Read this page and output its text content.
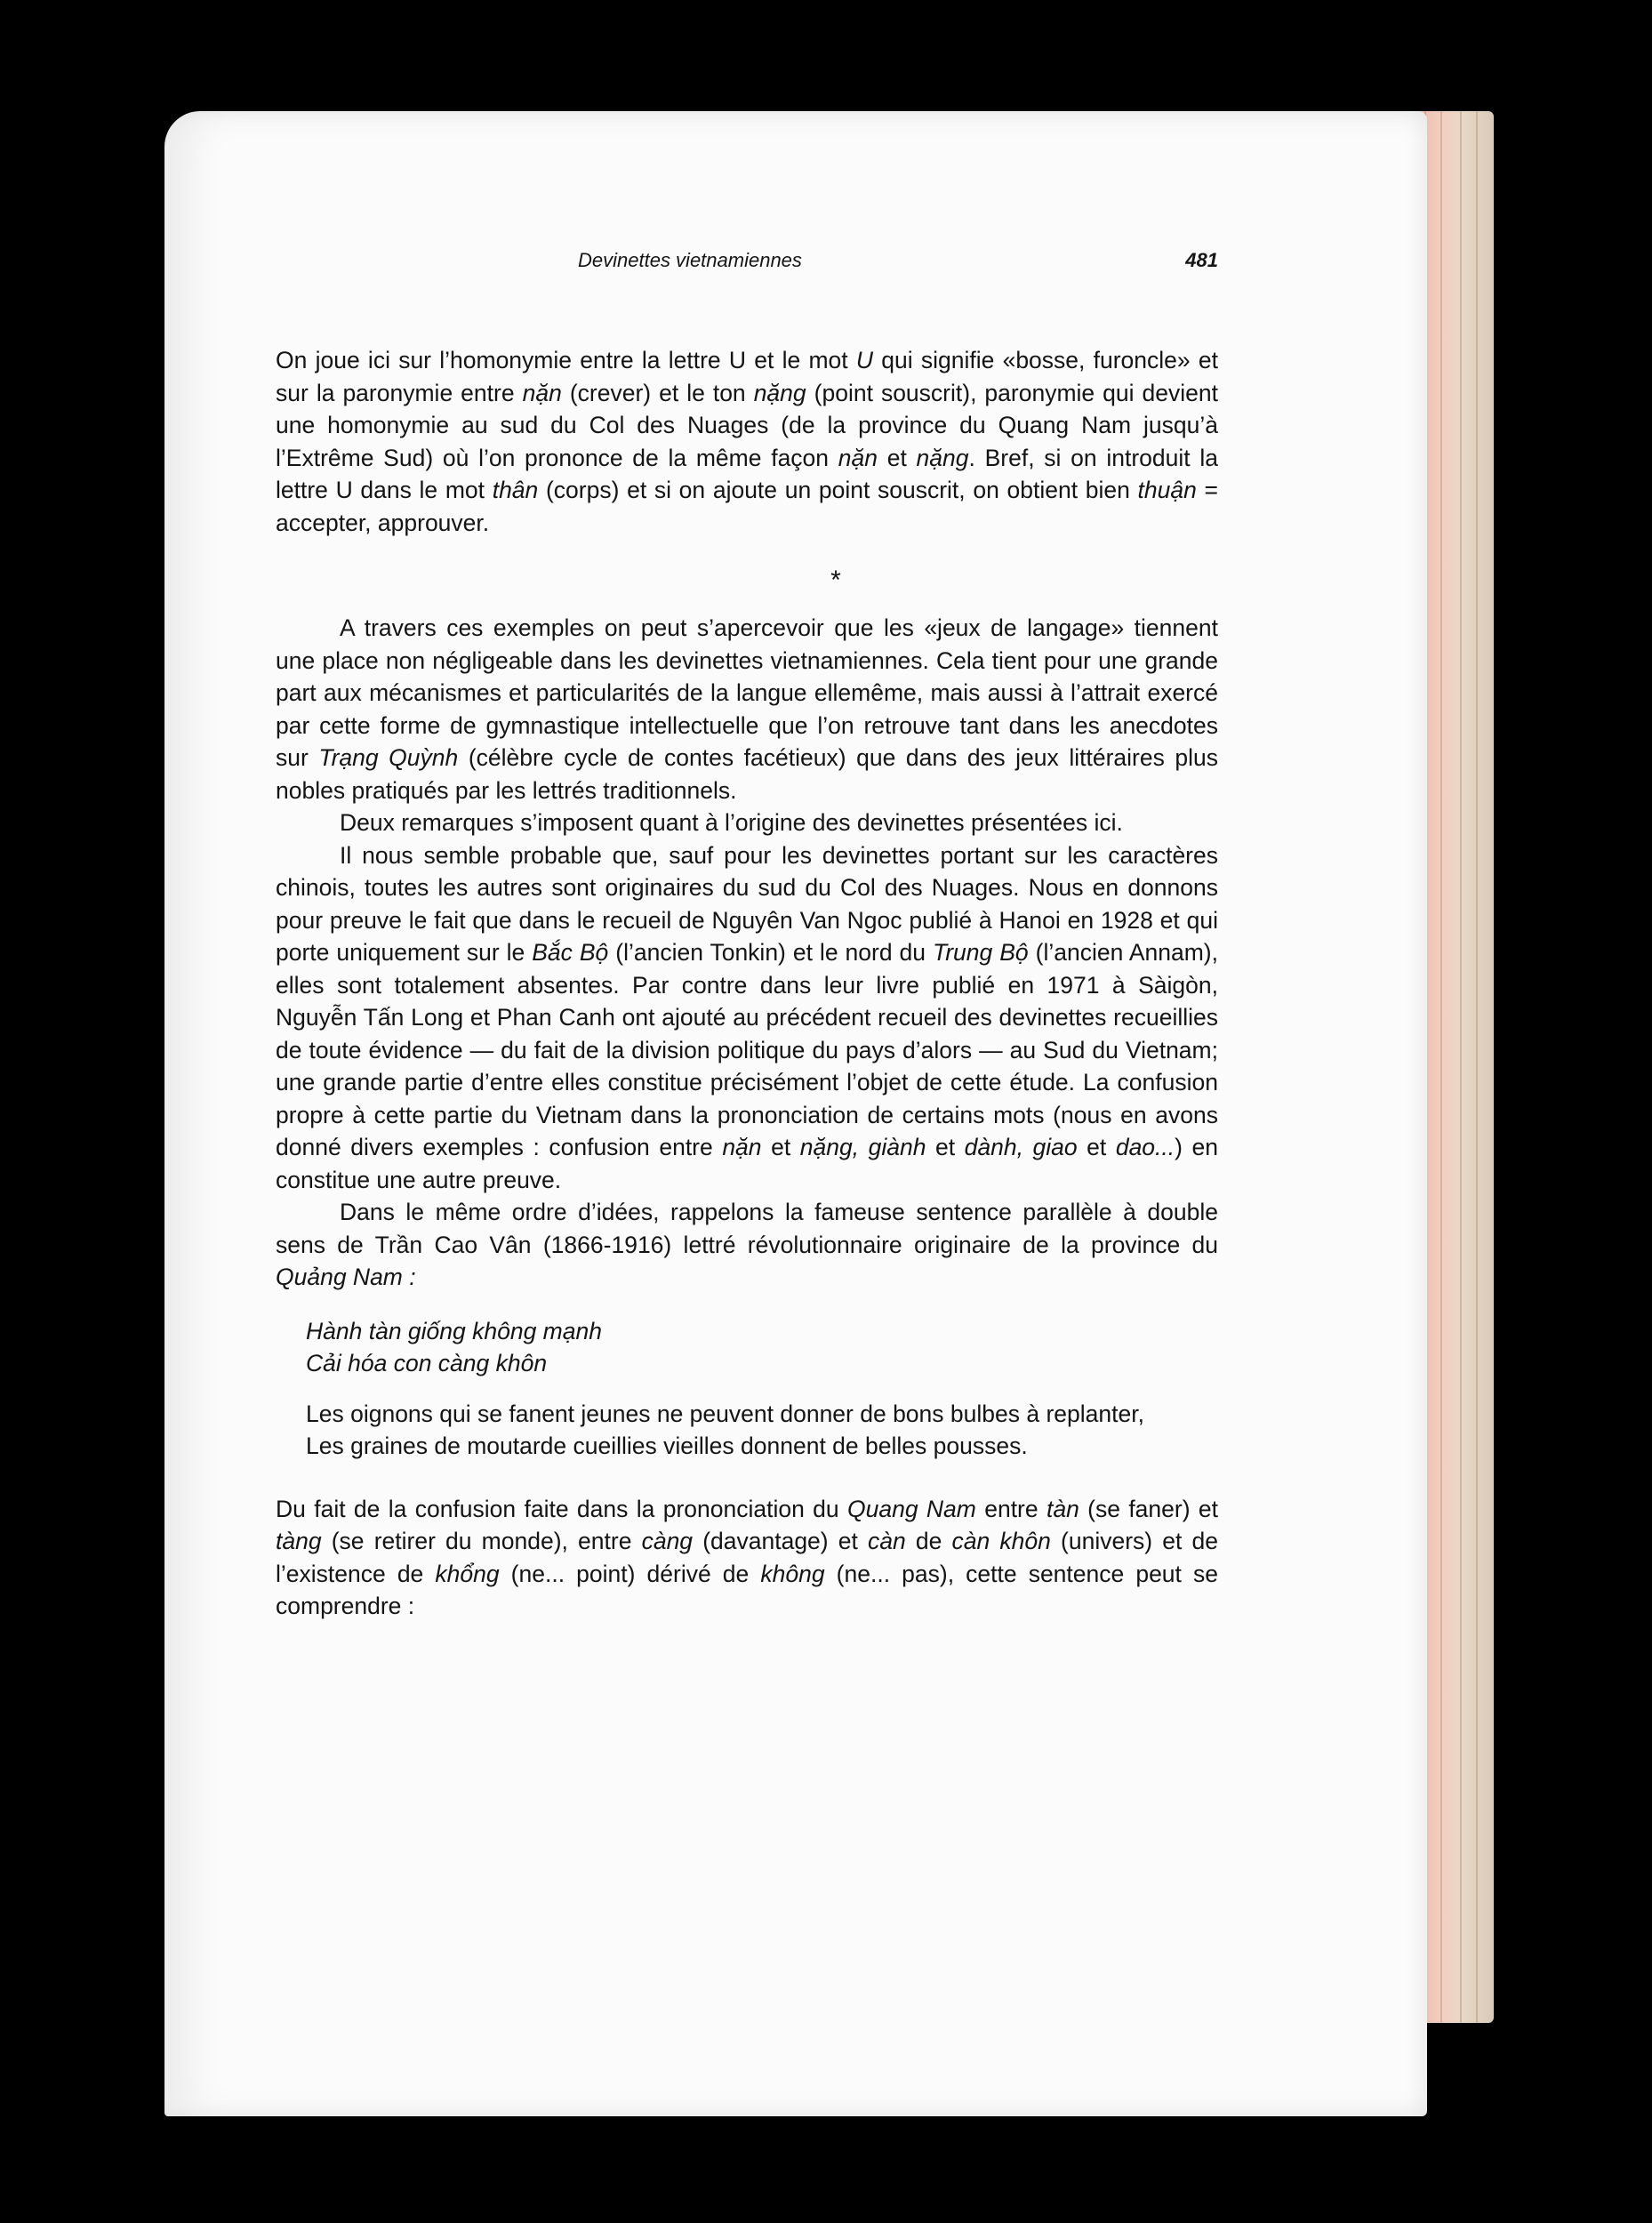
Devinettes vietnamiennes	481

On joue ici sur l’homonymie entre la lettre U et le mot U qui signifie «bosse, furoncle» et sur la paronymie entre nặn (crever) et le ton nặng (point souscrit), paronymie qui devient une homonymie au sud du Col des Nuages (de la province du Quang Nam jusqu’à l’Extrême Sud) où l’on prononce de la même façon nặn et nặng. Bref, si on introduit la lettre U dans le mot thân (corps) et si on ajoute un point souscrit, on obtient bien thuận = accepter, approuver.

*

A travers ces exemples on peut s’apercevoir que les «jeux de langage» tiennent une place non négligeable dans les devinettes vietnamiennes. Cela tient pour une grande part aux mécanismes et particularités de la langue ellemême, mais aussi à l’attrait exercé par cette forme de gymnastique intellectuelle que l’on retrouve tant dans les anecdotes sur Trạng Quỳnh (célèbre cycle de contes facétieux) que dans des jeux littéraires plus nobles pratiqués par les lettrés traditionnels.

Deux remarques s’imposent quant à l’origine des devinettes présentées ici.

Il nous semble probable que, sauf pour les devinettes portant sur les caractères chinois, toutes les autres sont originaires du sud du Col des Nuages. Nous en donnons pour preuve le fait que dans le recueil de Nguyên Van Ngoc publié à Hanoi en 1928 et qui porte uniquement sur le Bắc Bộ (l’ancien Tonkin) et le nord du Trung Bộ (l’ancien Annam), elles sont totalement absentes. Par contre dans leur livre publié en 1971 à Sàigòn, Nguyễn Tấn Long et Phan Canh ont ajouté au précédent recueil des devinettes recueillies de toute évidence — du fait de la division politique du pays d’alors — au Sud du Vietnam; une grande partie d’entre elles constitue précisément l’objet de cette étude. La confusion propre à cette partie du Vietnam dans la prononciation de certains mots (nous en avons donné divers exemples : confusion entre nặn et nặng, giành et dành, giao et dao...) en constitue une autre preuve.

Dans le même ordre d’idées, rappelons la fameuse sentence parallèle à double sens de Trần Cao Vân (1866-1916) lettré révolutionnaire originaire de la province du Quảng Nam :

Hành tàn giống không mạnh
Cải hóa con càng khôn

Les oignons qui se fanent jeunes ne peuvent donner de bons bulbes à replanter,

Les graines de moutarde cueillies vieilles donnent de belles pousses.

Du fait de la confusion faite dans la prononciation du Quang Nam entre tàn (se faner) et tàng (se retirer du monde), entre càng (davantage) et càn de càn khôn (univers) et de l’existence de khổng (ne... point) dérivé de không (ne... pas), cette sentence peut se comprendre :
